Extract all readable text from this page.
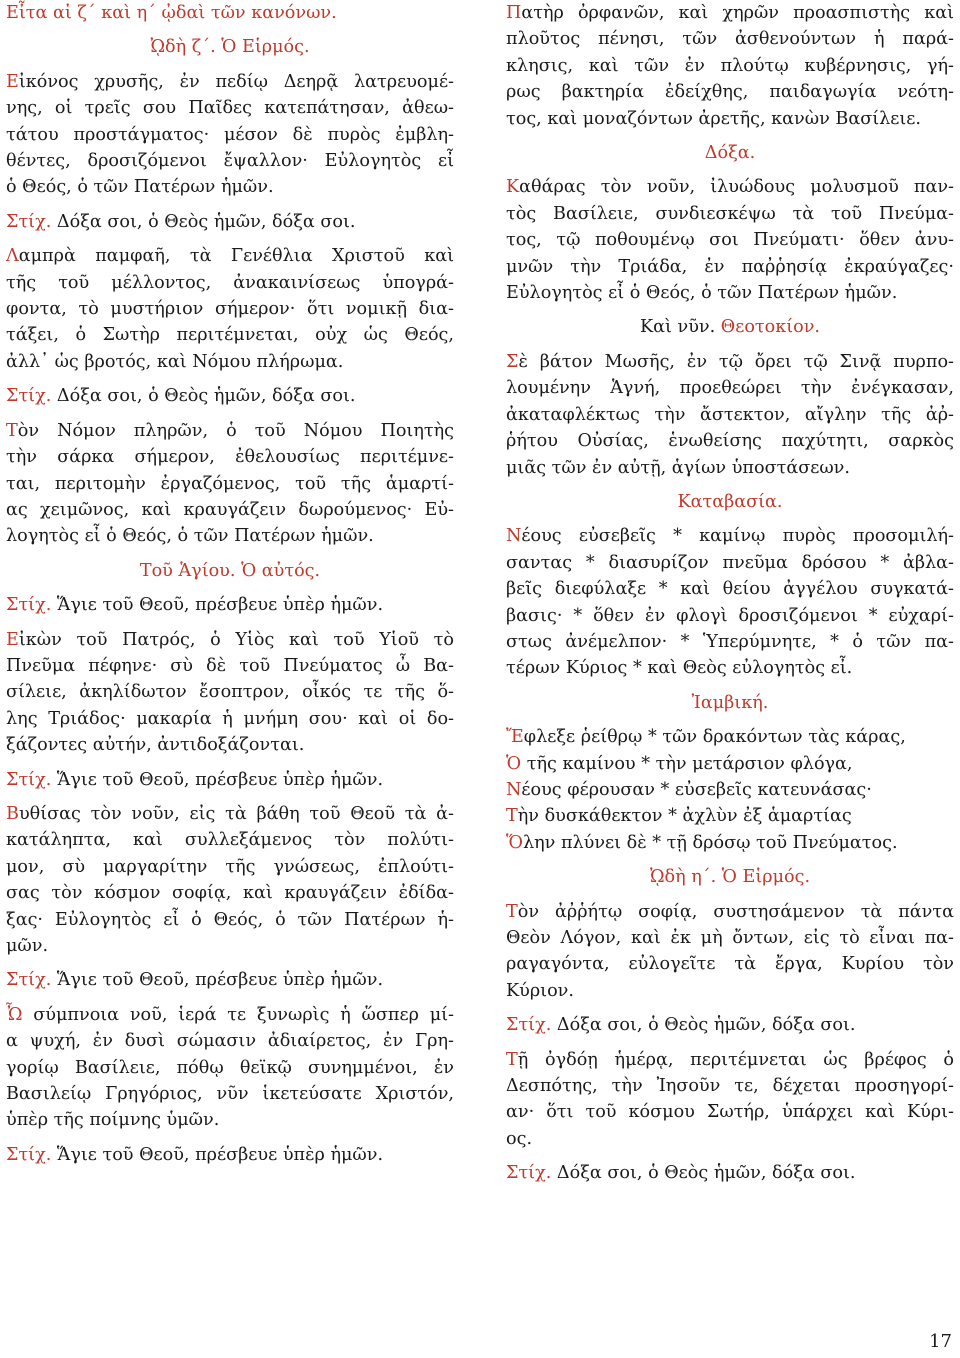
Εἶτα αἱ ζ΄ καὶ η΄ ᾠδαὶ τῶν κανόνων.
ᾨδὴ ζ΄. Ὁ Εἱρμός.
Εἰκόνος χρυσῆς, ἐν πεδίῳ Δεηρᾷ λατρευομέ-
νης, οἱ τρεῖς σου Παῖδες κατεπάτησαν, ἀθεω-
τάτου προστάγματος· μέσον δὲ πυρὸς ἐμβλη-
θέντες, δροσιζόμενοι ἔψαλλον· Εὐλογητὸς εἶ
ὁ Θεός, ὁ τῶν Πατέρων ἡμῶν.
Στίχ. Δόξα σοι, ὁ Θεὸς ἡμῶν, δόξα σοι.
Λαμπρὰ παμφαῆ, τὰ Γενέθλια Χριστοῦ καὶ
τῆς τοῦ μέλλοντος, ἀνακαινίσεως ὑπογρά-
φοντα, τὸ μυστήριον σήμερον· ὅτι νομικῇ δια-
τάξει, ὁ Σωτὴρ περιτέμνεται, οὐχ ὡς Θεός,
ἀλλ᾽ ὡς βροτός, καὶ Νόμου πλήρωμα.
Στίχ. Δόξα σοι, ὁ Θεὸς ἡμῶν, δόξα σοι.
Τὸν Νόμον πληρῶν, ὁ τοῦ Νόμου Ποιητὴς
τὴν σάρκα σήμερον, ἐθελουσίως περιτέμνε-
ται, περιτομὴν ἐργαζόμενος, τοῦ τῆς ἁμαρτί-
ας χειμῶνος, καὶ κραυγάζειν δωρούμενος· Εὐ-
λογητὸς εἶ ὁ Θεός, ὁ τῶν Πατέρων ἡμῶν.
Τοῦ Ἁγίου. Ὁ αὐτός.
Στίχ. Ἅγιε τοῦ Θεοῦ, πρέσβευε ὑπὲρ ἡμῶν.
Εἰκὼν τοῦ Πατρός, ὁ Υἱὸς καὶ τοῦ Υἱοῦ τὸ
Πνεῦμα πέφηνε· σὺ δὲ τοῦ Πνεύματος ὦ Βα-
σίλειε, ἀκηλίδωτον ἔσοπτρον, οἶκός τε τῆς ὅ-
λης Τριάδος· μακαρία ἡ μνήμη σου· καὶ οἱ δο-
ξάζοντες αὐτήν, ἀντιδοξάζονται.
Στίχ. Ἅγιε τοῦ Θεοῦ, πρέσβευε ὑπὲρ ἡμῶν.
Βυθίσας τὸν νοῦν, εἰς τὰ βάθη τοῦ Θεοῦ τὰ ἀ-
κατάληπτα, καὶ συλλεξάμενος τὸν πολύτι-
μον, σὺ μαργαρίτην τῆς γνώσεως, ἐπλούτι-
σας τὸν κόσμον σοφίᾳ, καὶ κραυγάζειν ἐδίδα-
ξας· Εὐλογητὸς εἶ ὁ Θεός, ὁ τῶν Πατέρων ἡ-
μῶν.
Στίχ. Ἅγιε τοῦ Θεοῦ, πρέσβευε ὑπὲρ ἡμῶν.
Ὦ σύμπνοια νοῦ, ἱερά τε ξυνωρὶς ἡ ὥσπερ μί-
α ψυχή, ἐν δυσὶ σώμασιν ἀδιαίρετος, ἐν Γρη-
γορίῳ Βασίλειε, πόθῳ θεϊκῷ συνημμένοι, ἐν
Βασιλείῳ Γρηγόριος, νῦν ἱκετεύσατε Χριστόν,
ὑπὲρ τῆς ποίμνης ὑμῶν.
Στίχ. Ἅγιε τοῦ Θεοῦ, πρέσβευε ὑπὲρ ἡμῶν.
Πατὴρ ὀρφανῶν, καὶ χηρῶν προασπιστὴς καὶ
πλοῦτος πένησι, τῶν ἀσθενούντων ἡ παρά-
κλησις, καὶ τῶν ἐν πλούτῳ κυβέρνησις, γή-
ρως βακτηρία ἐδείχθης, παιδαγωγία νεότη-
τος, καὶ μοναζόντων ἀρετῆς, κανὼν Βασίλειε.
Δόξα.
Καθάρας τὸν νοῦν, ἰλυώδους μολυσμοῦ παν-
τὸς Βασίλειε, συνδιεσκέψω τὰ τοῦ Πνεύμα-
τος, τῷ ποθουμένῳ σοι Πνεύματι· ὅθεν ἀνυ-
μνῶν τὴν Τριάδα, ἐν παῤῥησίᾳ ἐκραύγαζες·
Εὐλογητὸς εἶ ὁ Θεός, ὁ τῶν Πατέρων ἡμῶν.
Καὶ νῦν. Θεοτοκίον.
Σὲ βάτον Μωσῆς, ἐν τῷ ὄρει τῷ Σινᾷ πυρπο-
λουμένην Ἁγνή, προεθεώρει τὴν ἐνέγκασαν,
ἀκαταφλέκτως τὴν ἄστεκτον, αἴγλην τῆς ἀῤ-
ῥήτου Οὐσίας, ἑνωθείσης παχύτητι, σαρκὸς
μιᾶς τῶν ἐν αὐτῇ, ἁγίων ὑποστάσεων.
Καταβασία.
Νέους εὐσεβεῖς * καμίνῳ πυρὸς προσομιλή-
σαντας * διασυρίζον πνεῦμα δρόσου * ἀβλα-
βεῖς διεφύλαξε * καὶ θείου ἀγγέλου συγκατά-
βασις· * ὅθεν ἐν φλογὶ δροσιζόμενοι * εὐχαρί-
στως ἀνέμελπον· * Ὑπερύμνητε, * ὁ τῶν πα-
τέρων Κύριος * καὶ Θεὸς εὐλογητὸς εἶ.
Ἰαμβική.
Ἔφλεξε ῥείθρῳ * τῶν δρακόντων τὰς κάρας,
Ὁ τῆς καμίνου * τὴν μετάρσιον φλόγα,
Νέους φέρουσαν * εὐσεβεῖς κατευνάσας·
Τὴν δυσκάθεκτον * ἀχλὺν ἐξ ἁμαρτίας
Ὅλην πλύνει δὲ * τῇ δρόσῳ τοῦ Πνεύματος.
ᾨδὴ η΄. Ὁ Εἱρμός.
Τὸν ἀῤῥήτῳ σοφίᾳ, συστησάμενον τὰ πάντα
Θεὸν Λόγον, καὶ ἐκ μὴ ὄντων, εἰς τὸ εἶναι πα-
ραγαγόντα, εὐλογεῖτε τὰ ἔργα, Κυρίου τὸν
Κύριον.
Στίχ. Δόξα σοι, ὁ Θεὸς ἡμῶν, δόξα σοι.
Τῇ ὀγδόῃ ἡμέρᾳ, περιτέμνεται ὡς βρέφος ὁ
Δεσπότης, τὴν Ἰησοῦν τε, δέχεται προσηγορί-
αν· ὅτι τοῦ κόσμου Σωτήρ, ὑπάρχει καὶ Κύρι-
ος.
Στίχ. Δόξα σοι, ὁ Θεὸς ἡμῶν, δόξα σοι.
17
